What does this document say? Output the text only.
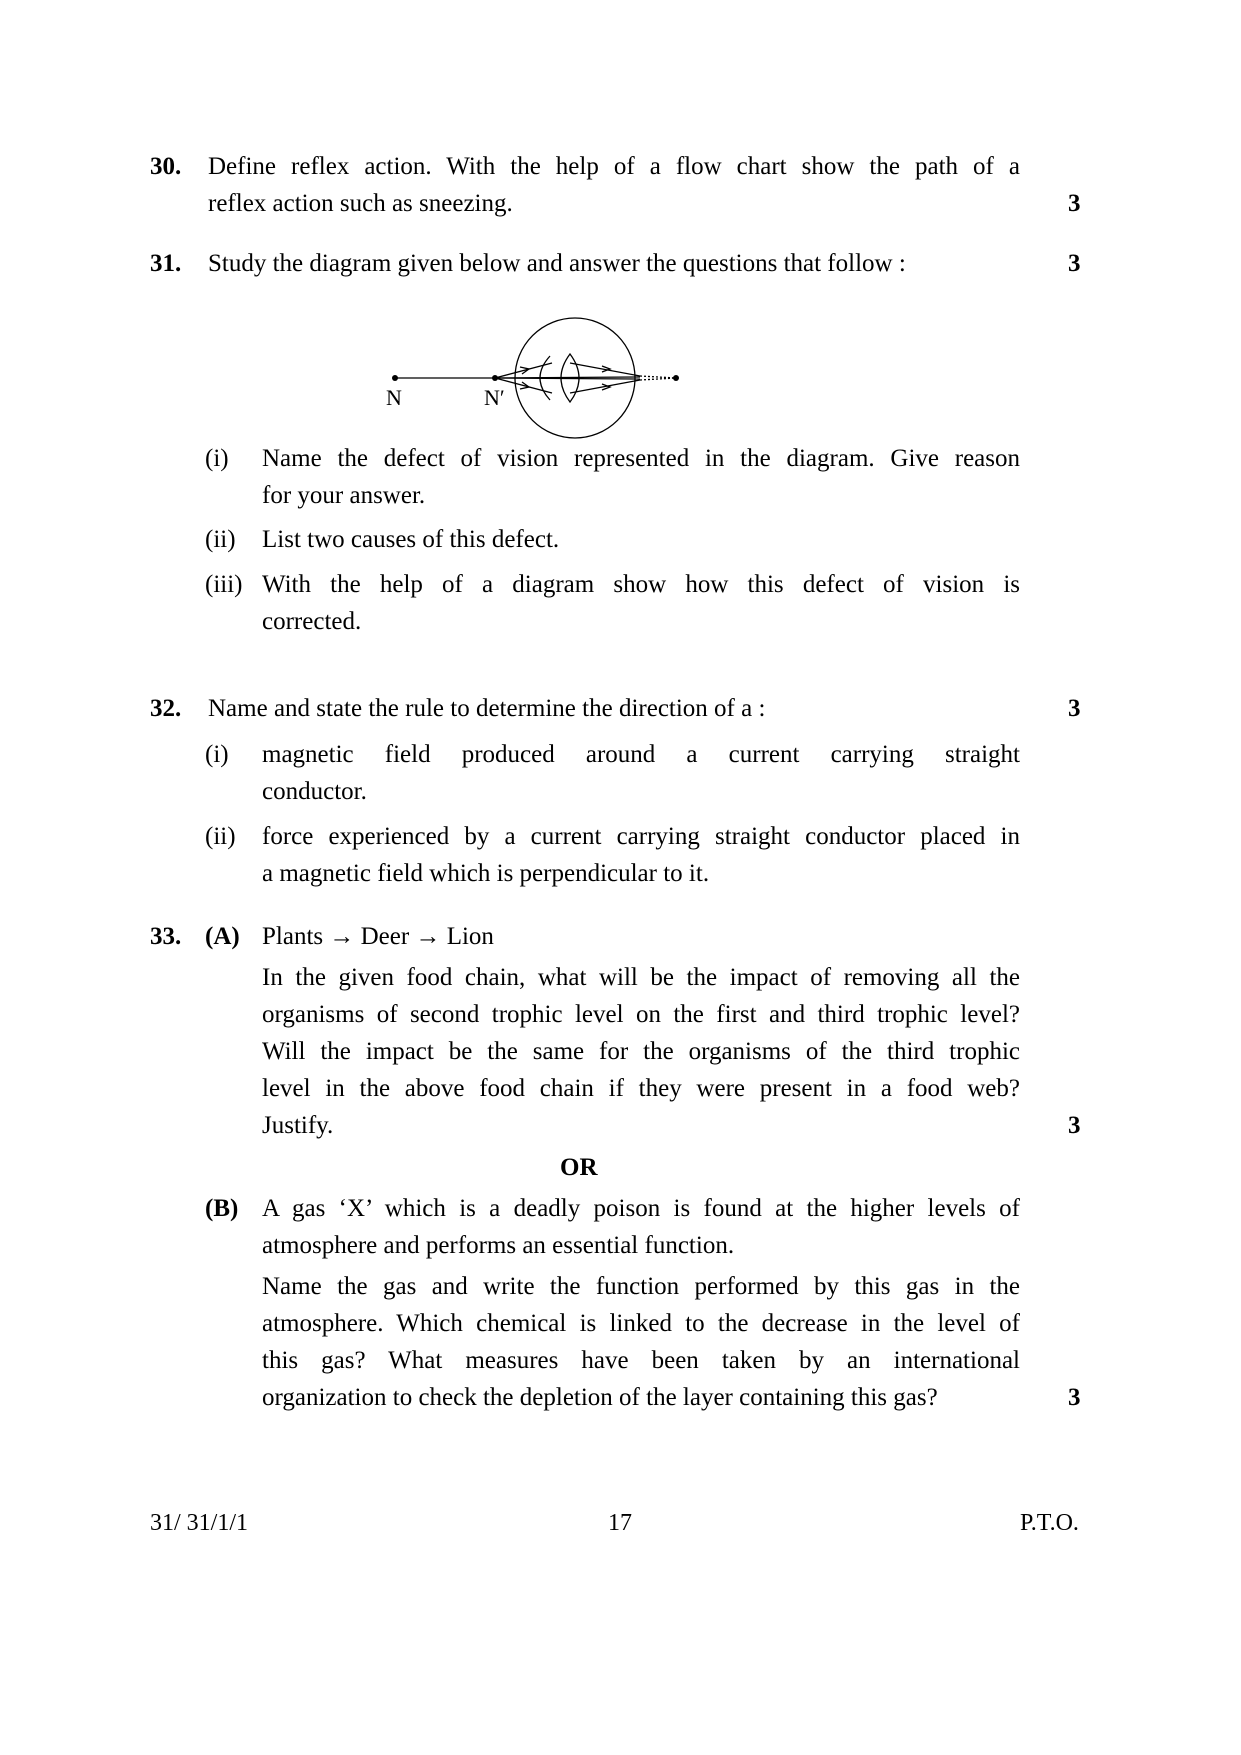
30. Define reflex action. With the help of a flow chart show the path of a
reflex action such as sneezing.	3
31. Study the diagram given below and answer the questions that follow :	3
N	N′
(i) Name the defect of vision represented in the diagram. Give reason
for your answer.
(ii) List two causes of this defect.
(iii) With the help of a diagram show how this defect of vision is
corrected.
32. Name and state the rule to determine the direction of a :	3
(i) magnetic field produced around a current carrying straight
conductor.
(ii) force experienced by a current carrying straight conductor placed in
a magnetic field which is perpendicular to it.
33. (A) Plants → Deer → Lion
In the given food chain, what will be the impact of removing all the
organisms of second trophic level on the first and third trophic level?
Will the impact be the same for the organisms of the third trophic
level in the above food chain if they were present in a food web?
Justify.	3
OR
(B) A gas ‘X’ which is a deadly poison is found at the higher levels of
atmosphere and performs an essential function.
Name the gas and write the function performed by this gas in the
atmosphere. Which chemical is linked to the decrease in the level of
this gas? What measures have been taken by an international
organization to check the depletion of the layer containing this gas?	3
31/ 31/1/1	17	P.T.O.
